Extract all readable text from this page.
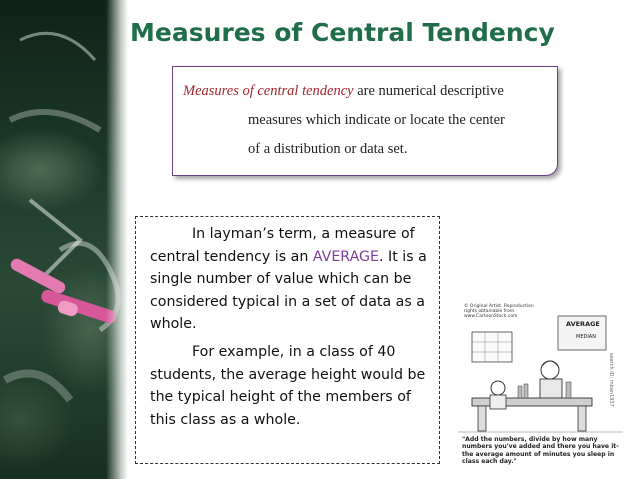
Measures of Central Tendency
Measures of central tendency are numerical descriptive
measures which indicate or locate the center
of a distribution or data set.

In layman’s term, a measure of central tendency is an AVERAGE. It is a single number of value which can be considered typical in a set of data as a whole.

For example, in a class of 40 students, the average height would be the typical height of the members of this class as a whole.

© Original Artist. Reproduction rights obtainable from www.CartoonStock.com
AVERAGE
MEDIAN
search ID: mban1937
"Add the numbers, divide by how many numbers you've added and there you have it- the average amount of minutes you sleep in class each day."
